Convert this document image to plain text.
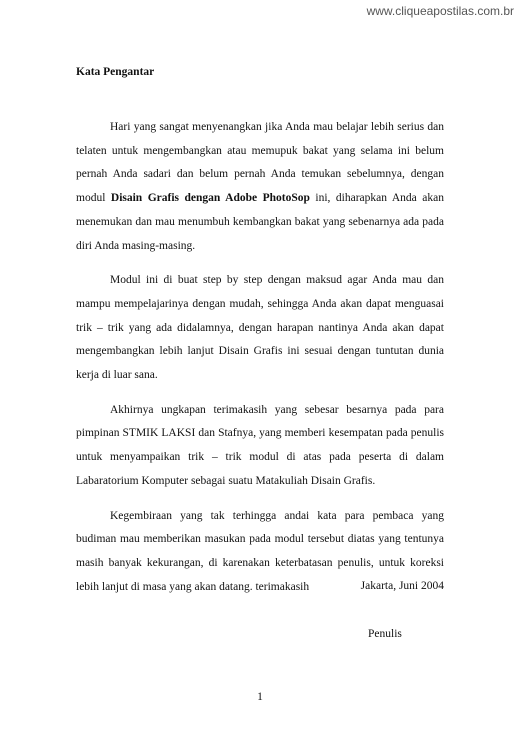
www.cliqueapostilas.com.br
Kata Pengantar

Hari yang sangat menyenangkan jika Anda mau belajar lebih serius dan telaten untuk mengembangkan atau memupuk bakat yang selama ini belum pernah Anda sadari dan belum pernah Anda temukan sebelumnya, dengan modul Disain Grafis dengan Adobe PhotoSop ini, diharapkan Anda akan menemukan dan mau menumbuh kembangkan bakat yang sebenarnya ada pada diri Anda masing-masing.

Modul ini di buat step by step dengan maksud agar Anda mau dan mampu mempelajarinya dengan mudah, sehingga Anda akan dapat menguasai trik – trik yang ada didalamnya, dengan harapan nantinya Anda akan dapat mengembangkan lebih lanjut Disain Grafis ini sesuai dengan tuntutan dunia kerja di luar sana.

Akhirnya ungkapan terimakasih yang sebesar besarnya pada para pimpinan STMIK LAKSI dan Stafnya, yang memberi kesempatan pada penulis untuk menyampaikan trik – trik modul di atas pada peserta di dalam Labaratorium Komputer sebagai suatu Matakuliah Disain Grafis.

Kegembiraan yang tak terhingga andai kata para pembaca yang budiman mau memberikan masukan pada modul tersebut diatas yang tentunya masih banyak kekurangan, di karenakan keterbatasan penulis, untuk koreksi lebih lanjut di masa yang akan datang. terimakasih	Jakarta, Juni 2004
Penulis
1
